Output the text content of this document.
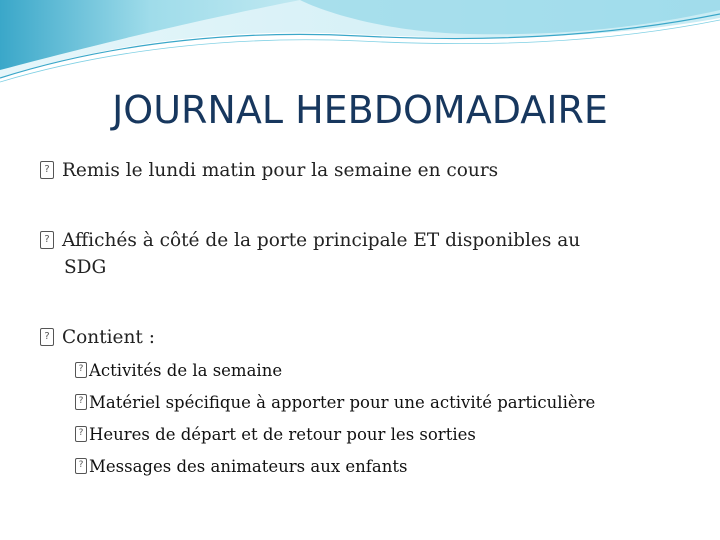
JOURNAL HEBDOMADAIRE
?Remis le lundi matin pour la semaine en cours
?Affichés à côté de la porte principale ET disponibles au
SDG
?Contient :
?Activités de la semaine
?Matériel spécifique à apporter pour une activité particulière
?Heures de départ et de retour pour les sorties
?Messages des animateurs aux enfants
